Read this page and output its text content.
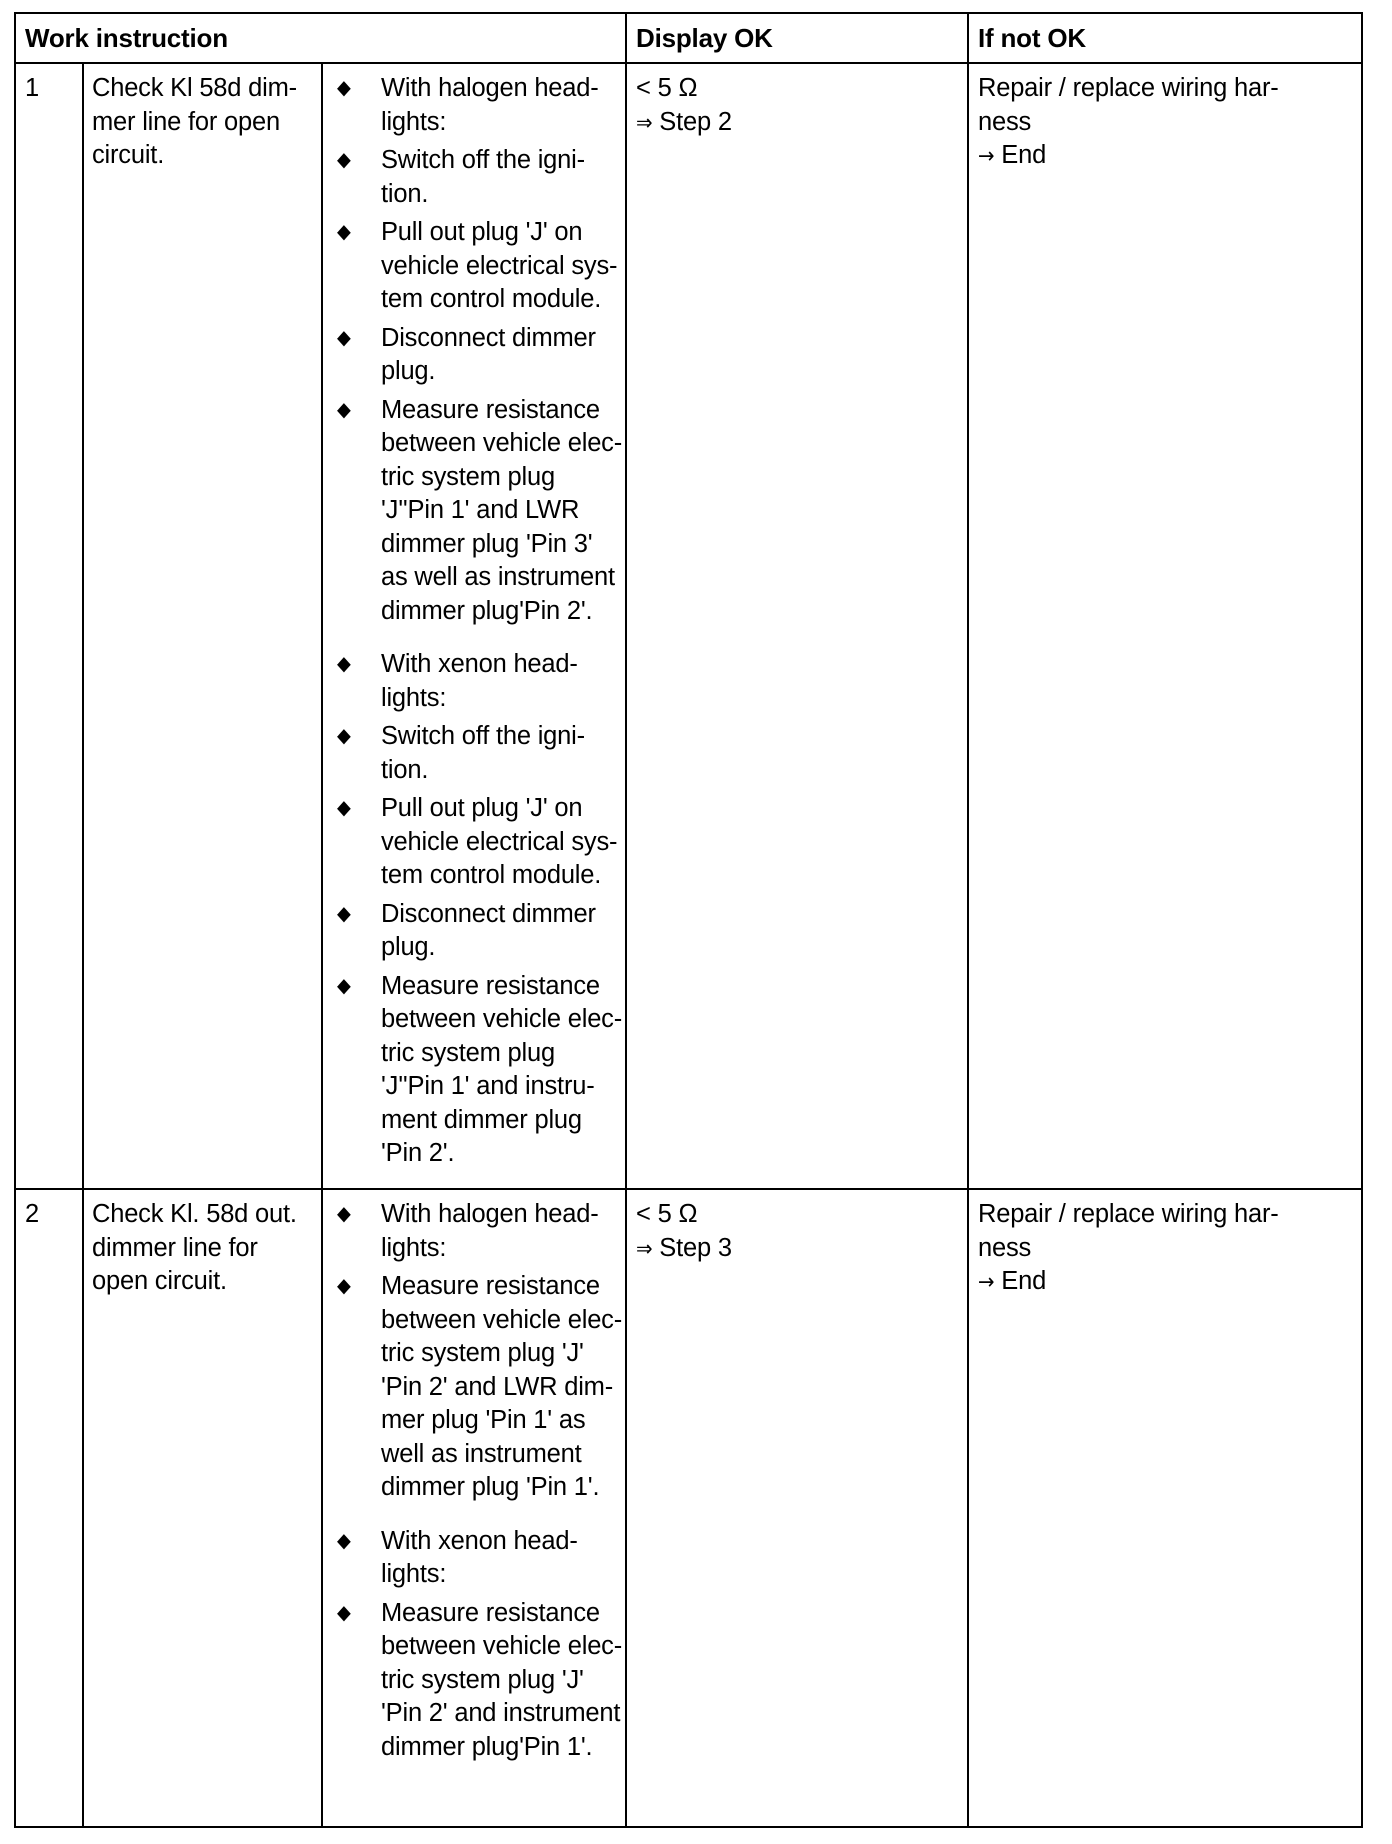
Work instruction	Display OK	If not OK
1 Check Kl 58d dim-
mer line for open
circuit.
◆ With halogen head-
lights:
◆ Switch off the igni-
tion.
◆ Pull out plug 'J' on
vehicle electrical sys-
tem control module.
◆ Disconnect dimmer
plug.
◆ Measure resistance
between vehicle elec-
tric system plug
'J''Pin 1' and LWR
dimmer plug 'Pin 3'
as well as instrument
dimmer plug'Pin 2'.
◆ With xenon head-
lights:
◆ Switch off the igni-
tion.
◆ Pull out plug 'J' on
vehicle electrical sys-
tem control module.
◆ Disconnect dimmer
plug.
◆ Measure resistance
between vehicle elec-
tric system plug
'J''Pin 1' and instru-
ment dimmer plug
'Pin 2'.
< 5 Ω
⇒ Step 2
Repair / replace wiring har-
ness
→ End
2 Check Kl. 58d out.
dimmer line for
open circuit.
◆ With halogen head-
lights:
◆ Measure resistance
between vehicle elec-
tric system plug 'J'
'Pin 2' and LWR dim-
mer plug 'Pin 1' as
well as instrument
dimmer plug 'Pin 1'.
◆ With xenon head-
lights:
◆ Measure resistance
between vehicle elec-
tric system plug 'J'
'Pin 2' and instrument
dimmer plug'Pin 1'.
< 5 Ω
⇒ Step 3
Repair / replace wiring har-
ness
→ End
